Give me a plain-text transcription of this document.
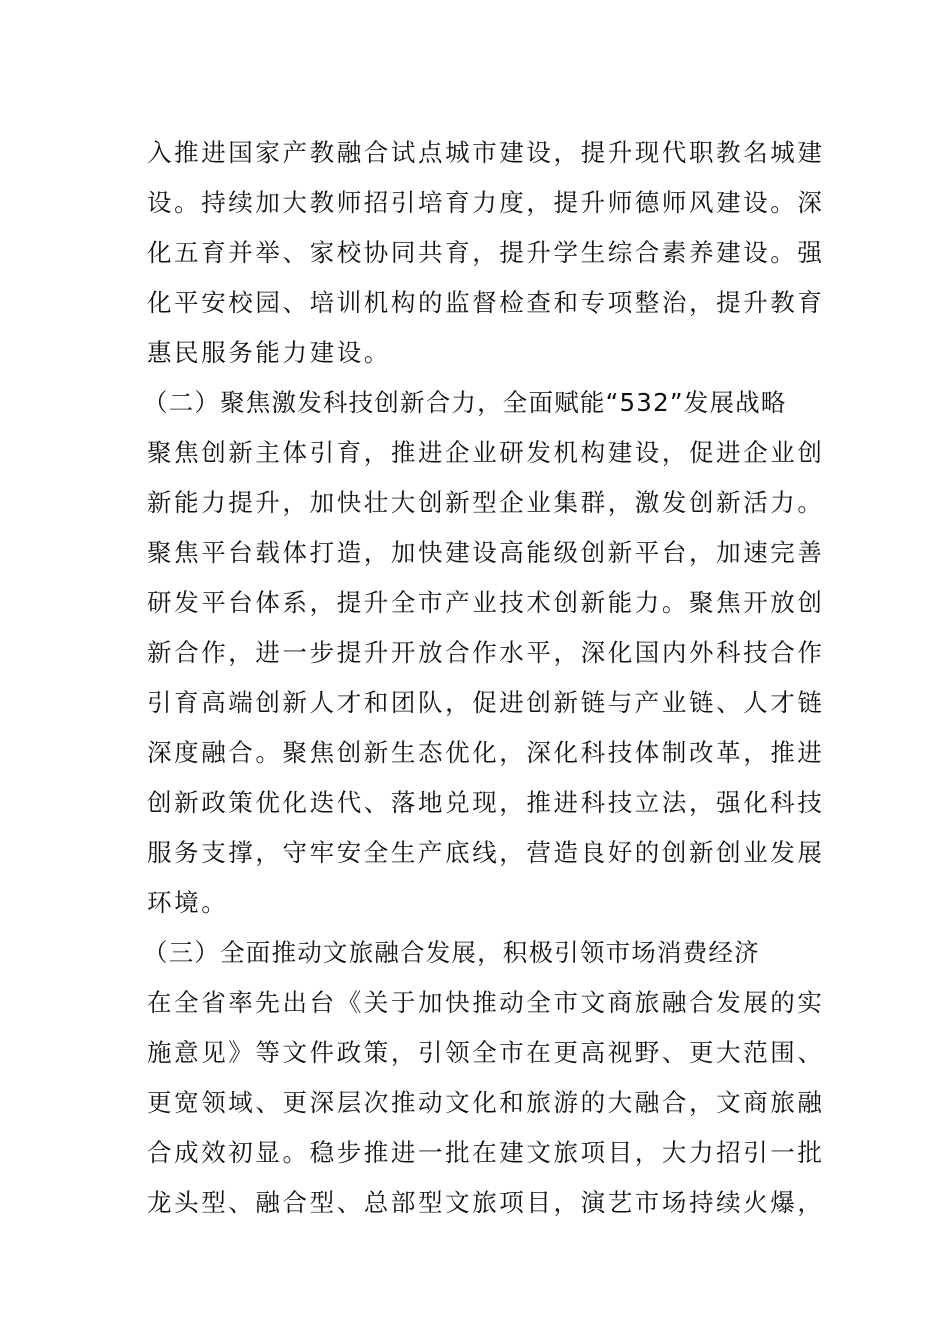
入推进国家产教融合试点城市建设，提升现代职教名城建
设。持续加大教师招引培育力度，提升师德师风建设。深
化五育并举、家校协同共育，提升学生综合素养建设。强
化平安校园、培训机构的监督检查和专项整治，提升教育
惠民服务能力建设。
（二）聚焦激发科技创新合力，全面赋能“532”发展战略
聚焦创新主体引育，推进企业研发机构建设，促进企业创
新能力提升，加快壮大创新型企业集群，激发创新活力。
聚焦平台载体打造，加快建设高能级创新平台，加速完善
研发平台体系，提升全市产业技术创新能力。聚焦开放创
新合作，进一步提升开放合作水平，深化国内外科技合作
引育高端创新人才和团队，促进创新链与产业链、人才链
深度融合。聚焦创新生态优化，深化科技体制改革，推进
创新政策优化迭代、落地兑现，推进科技立法，强化科技
服务支撑，守牢安全生产底线，营造良好的创新创业发展
环境。
（三）全面推动文旅融合发展，积极引领市场消费经济
在全省率先出台《关于加快推动全市文商旅融合发展的实
施意见》等文件政策，引领全市在更高视野、更大范围、
更宽领域、更深层次推动文化和旅游的大融合，文商旅融
合成效初显。稳步推进一批在建文旅项目，大力招引一批
龙头型、融合型、总部型文旅项目，演艺市场持续火爆，
